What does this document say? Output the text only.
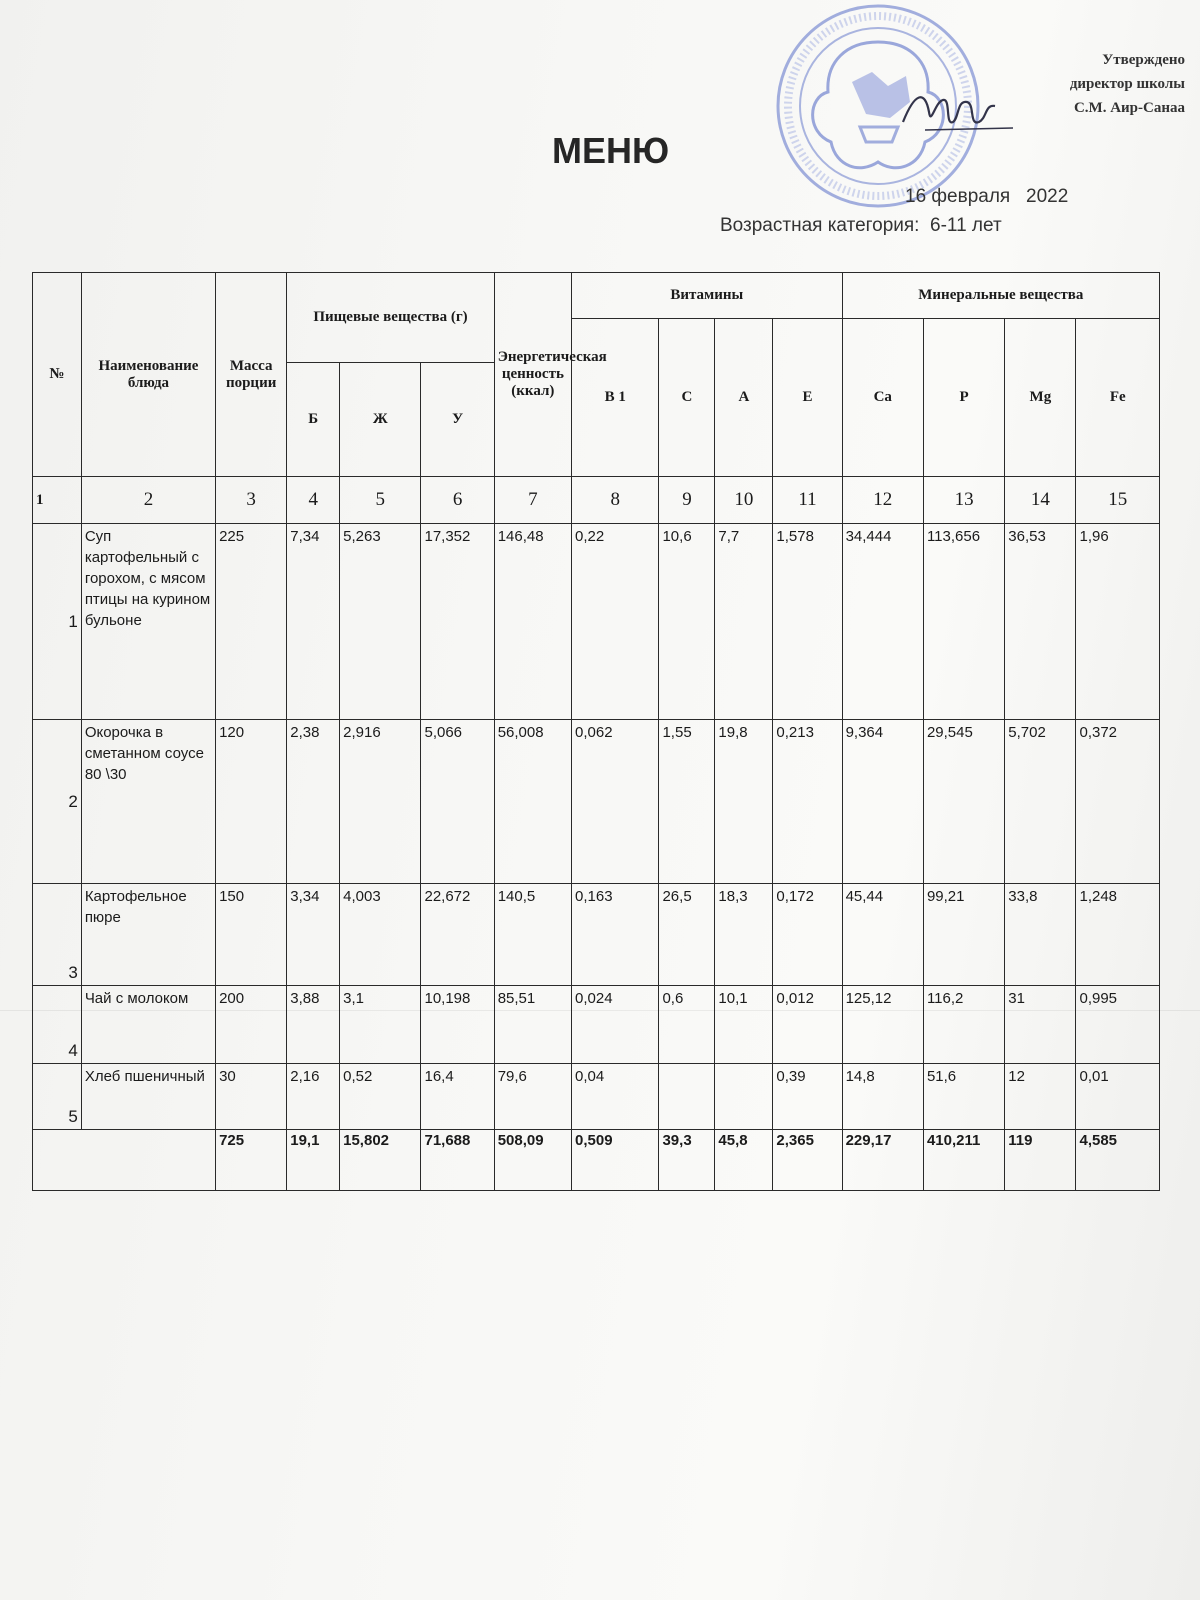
Утверждено
директор школы
С.М. Аир-Санаа
МЕНЮ
16 февраля   2022
Возрастная категория:  6-11 лет
№	Наименование блюда	Масса порции	Пищевые вещества (г)			Энергетическая ценность (ккал)	Витамины				Минеральные вещества			
							В 1	С	А	Е	Ca	P	Mg	Fe
			Б	Ж	У									
1	2	3	4	5	6	7	8	9	10	11	12	13	14	15
1	Суп картофельный с горохом, с мясом птицы на курином бульоне	225	7,34	5,263	17,352	146,48	0,22	10,6	7,7	1,578	34,444	113,656	36,53	1,96
2	Окорочка в сметанном соусе 80 \30	120	2,38	2,916	5,066	56,008	0,062	1,55	19,8	0,213	9,364	29,545	5,702	0,372
3	Картофельное пюре	150	3,34	4,003	22,672	140,5	0,163	26,5	18,3	0,172	45,44	99,21	33,8	1,248
4	Чай с молоком	200	3,88	3,1	10,198	85,51	0,024	0,6	10,1	0,012	125,12	116,2	31	0,995
5	Хлеб пшеничный	30	2,16	0,52	16,4	79,6	0,04			0,39	14,8	51,6	12	0,01
		725	19,1	15,802	71,688	508,09	0,509	39,3	45,8	2,365	229,17	410,211	119	4,585
